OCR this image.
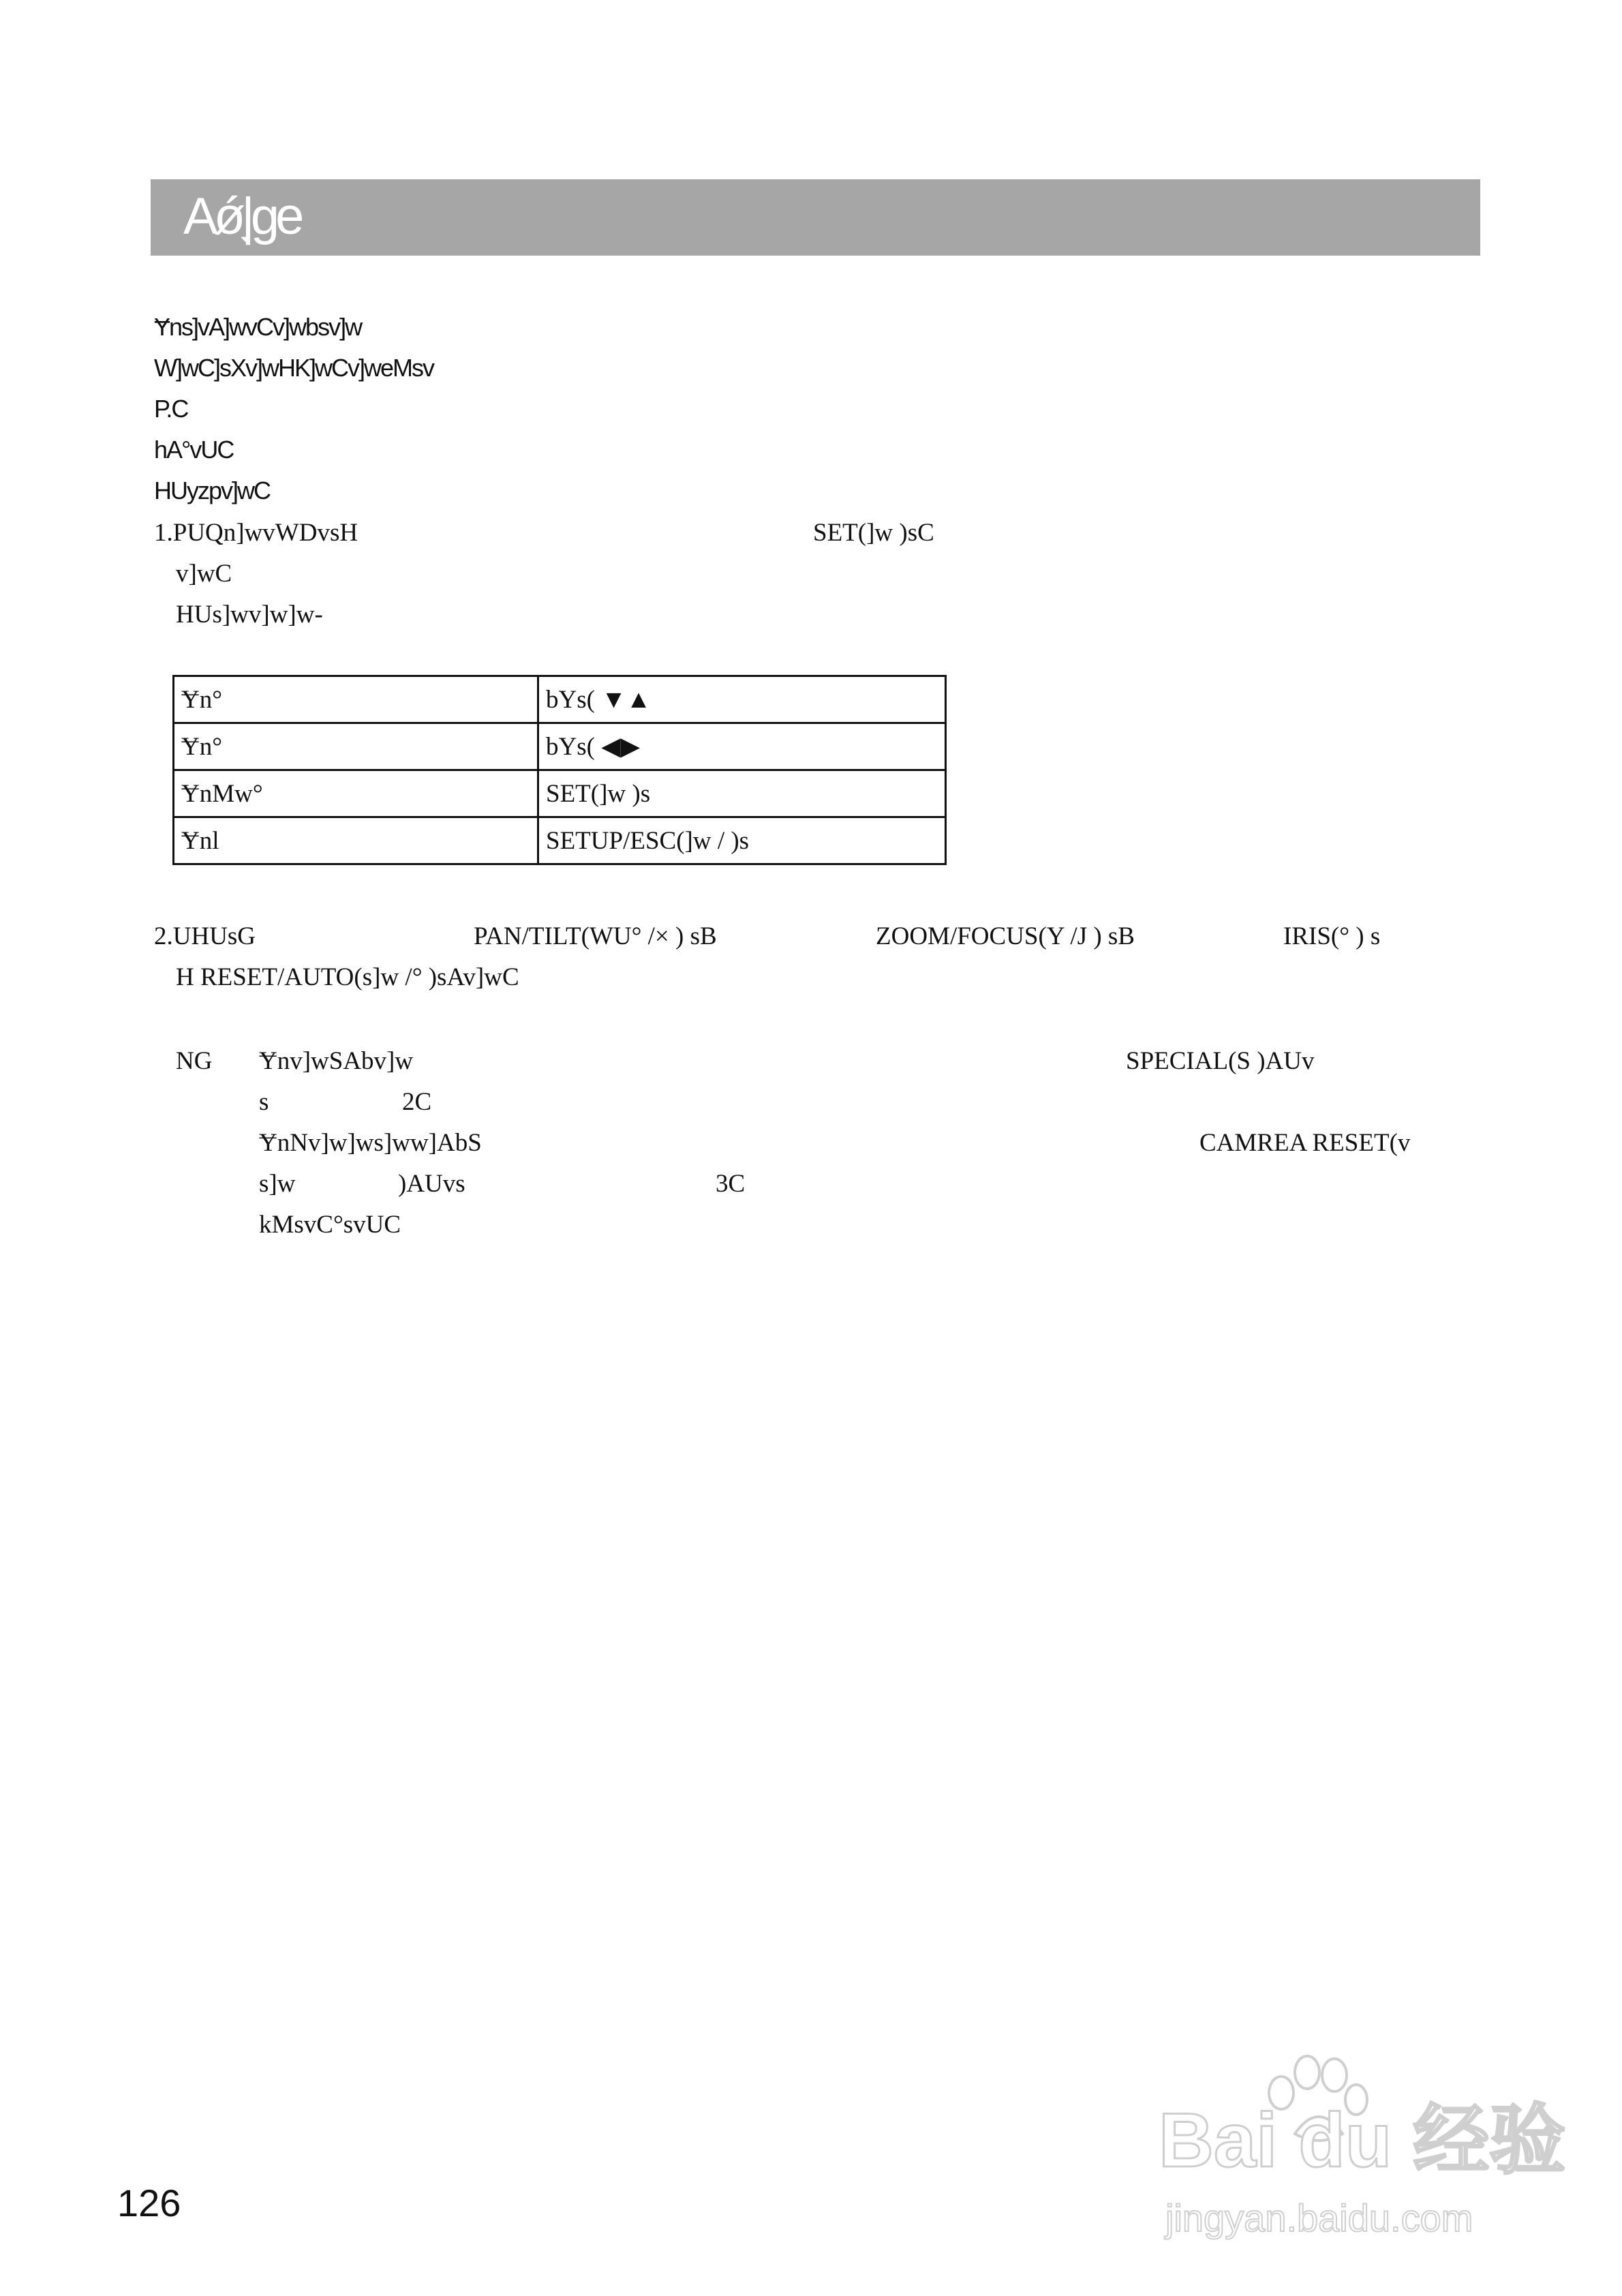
Aǿ̖|ge
Ɏns]vA]wvCv]wbsv]w
W]wC]sXv]wHK]wCv]weMsv
P.C
hA°vUC
HUyzpv]wC
1.PUQn]wvWDvsH	SET(]w )sC
v]wC
HUs]wv]w]w-
Ɏn°	bYs( ▼▲
Ɏn°	bYs( ◀▶
ɎnMw°	SET(]w )s
Ɏnl	SETUP/ESC(]w / )s
2.UHUsG	PAN/TILT(WU° /× ) sB	ZOOM/FOCUS(Y /J ) sB	IRIS(° ) s
H RESET/AUTO(s]w /° )sAv]wC
NG Ɏnv]wSAbv]w	SPECIAL(S )AUv
s	2C
ɎnNv]w]ws]ww]AbS	CAMREA RESET(v
s]w	)AUvs	3C
kMsvC°svUC
126
Bai du 经验
jingyan.baidu.com
